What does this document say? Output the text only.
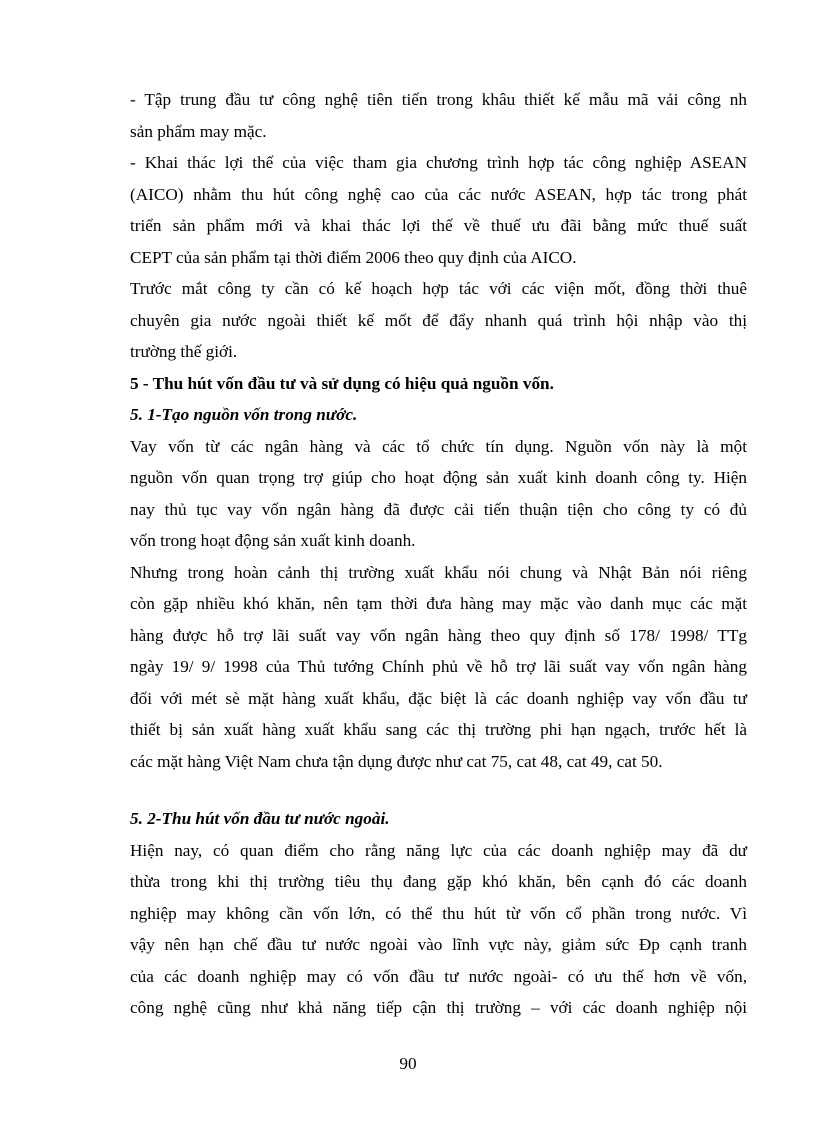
- Tập trung đầu tư công nghệ tiên tiến trong khâu thiết kế mẫu mã vải công nh

sản phẩm may mặc.

- Khai thác lợi thế của việc tham gia chương trình hợp tác công nghiệp ASEAN

(AICO) nhằm thu hút công nghệ cao của các nước ASEAN, hợp tác trong phát

triển sản phẩm mới và khai thác lợi thế về thuế ưu đãi bằng mức thuế suất

CEPT của sản phẩm tại thời điểm 2006 theo quy định của AICO.

Trước mắt công ty cần có kế hoạch hợp tác với các viện mốt, đồng thời thuê

chuyên gia nước ngoài thiết kế mốt để đẩy nhanh quá trình hội nhập vào thị

trường thế giới.

5 - Thu hút vốn đầu tư và sử dụng có hiệu quả nguồn vốn.

5. 1-Tạo nguồn vốn trong nước.

Vay vốn từ các ngân hàng và các tổ chức tín dụng. Nguồn vốn này là một

nguồn vốn quan trọng trợ giúp cho hoạt động sản xuất kinh doanh công ty. Hiện

nay thủ tục vay vốn ngân hàng đã được cải tiến thuận tiện cho công ty có đủ

vốn trong hoạt động sản xuất kinh doanh.

Nhưng trong hoàn cảnh thị trường xuất khẩu nói chung và Nhật Bản nói riêng

còn gặp nhiều khó khăn, nên tạm thời đưa hàng may mặc vào danh mục các mặt

hàng được hỗ trợ lãi suất vay vốn ngân hàng theo quy định số 178/ 1998/ TTg

ngày 19/ 9/ 1998 của Thủ tướng Chính phủ về hỗ trợ lãi suất vay vốn ngân hàng

đối với mét sè mặt hàng xuất khẩu, đặc biệt là các doanh nghiệp vay vốn đầu tư

thiết bị sản xuất hàng xuất khẩu sang các thị trường phi hạn ngạch, trước hết là

các mặt hàng Việt Nam chưa tận dụng được như cat 75, cat 48, cat 49, cat 50.

5. 2-Thu hút vốn đầu tư nước ngoài.

Hiện nay, có quan điểm cho rằng năng lực của các doanh nghiệp may đã dư

thừa trong khi thị trường tiêu thụ đang gặp khó khăn, bên cạnh đó các doanh

nghiệp may không cần vốn lớn, có thể thu hút từ vốn cổ phần trong nước. Vì

vậy nên hạn chế đầu tư nước ngoài vào lĩnh vực này, giảm sức Đp cạnh tranh

của các doanh nghiệp may có vốn đầu tư nước ngoài- có ưu thế hơn về vốn,

công nghệ cũng như khả năng tiếp cận thị trường – với các doanh nghiệp nội

90
